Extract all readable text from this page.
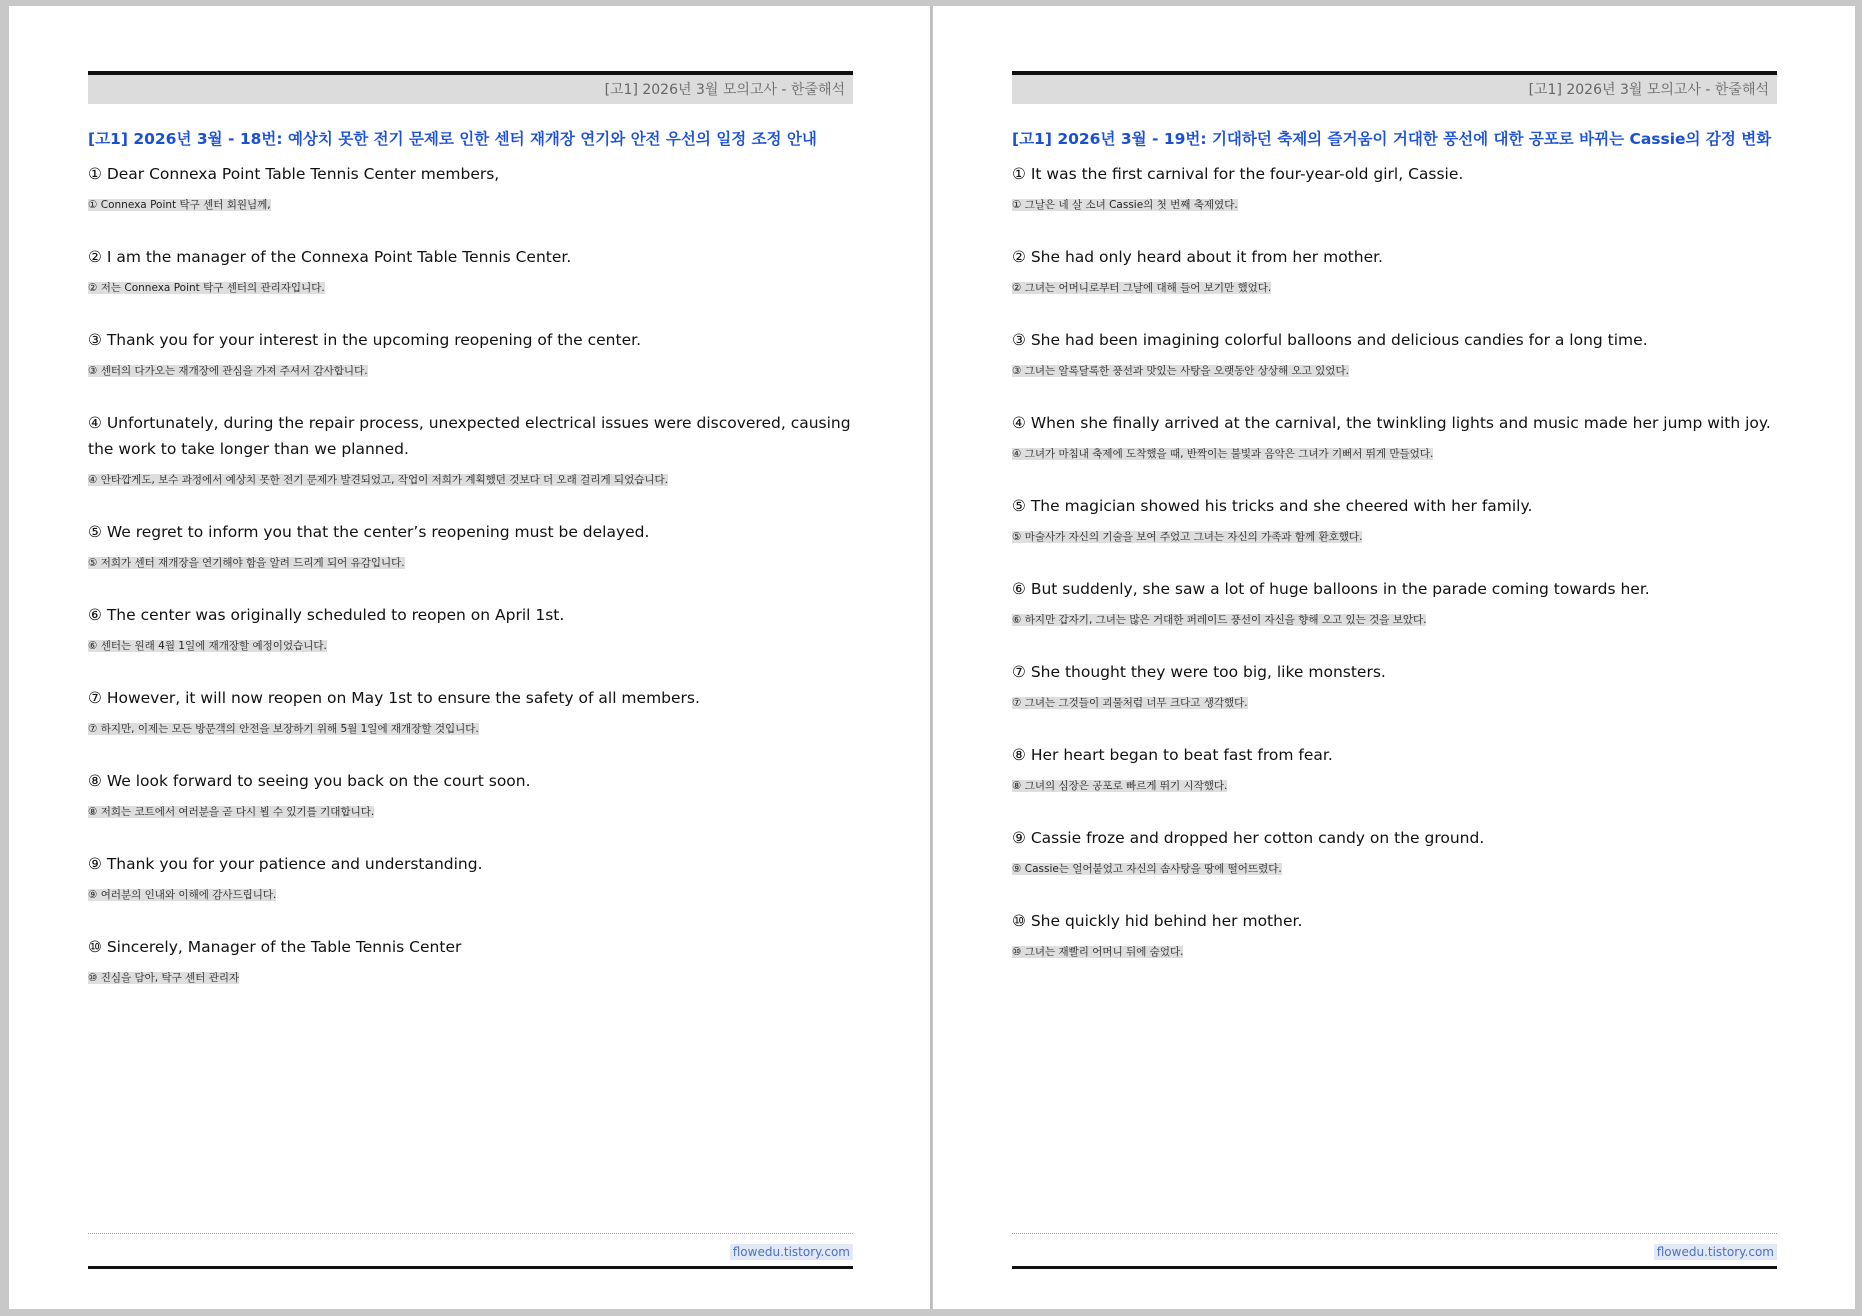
[고1] 2026년 3월 모의고사 - 한줄해석
[고1] 2026년 3월 - 18번: 예상치 못한 전기 문제로 인한 센터 재개장 연기와 안전 우선의 일정 조정 안내

① Dear Connexa Point Table Tennis Center members,

① Connexa Point 탁구 센터 회원님께,

② I am the manager of the Connexa Point Table Tennis Center.

② 저는 Connexa Point 탁구 센터의 관리자입니다.

③ Thank you for your interest in the upcoming reopening of the center.

③ 센터의 다가오는 재개장에 관심을 가져 주셔서 감사합니다.

④ Unfortunately, during the repair process, unexpected electrical issues were discovered, causing the work to take longer than we planned.

④ 안타깝게도, 보수 과정에서 예상치 못한 전기 문제가 발견되었고, 작업이 저희가 계획했던 것보다 더 오래 걸리게 되었습니다.

⑤ We regret to inform you that the center’s reopening must be delayed.

⑤ 저희가 센터 재개장을 연기해야 함을 알려 드리게 되어 유감입니다.

⑥ The center was originally scheduled to reopen on April 1st.

⑥ 센터는 원래 4월 1일에 재개장할 예정이었습니다.

⑦ However, it will now reopen on May 1st to ensure the safety of all members.

⑦ 하지만, 이제는 모든 방문객의 안전을 보장하기 위해 5월 1일에 재개장할 것입니다.

⑧ We look forward to seeing you back on the court soon.

⑧ 저희는 코트에서 여러분을 곧 다시 뵐 수 있기를 기대합니다.

⑨ Thank you for your patience and understanding.

⑨ 여러분의 인내와 이해에 감사드립니다.

⑩ Sincerely, Manager of the Table Tennis Center

⑩ 진심을 담아, 탁구 센터 관리자
flowedu.tistory.com
[고1] 2026년 3월 모의고사 - 한줄해석
[고1] 2026년 3월 - 19번: 기대하던 축제의 즐거움이 거대한 풍선에 대한 공포로 바뀌는 Cassie의 감정 변화

① It was the first carnival for the four-year-old girl, Cassie.

① 그날은 네 살 소녀 Cassie의 첫 번째 축제였다.

② She had only heard about it from her mother.

② 그녀는 어머니로부터 그날에 대해 들어 보기만 했었다.

③ She had been imagining colorful balloons and delicious candies for a long time.

③ 그녀는 알록달록한 풍선과 맛있는 사탕을 오랫동안 상상해 오고 있었다.

④ When she finally arrived at the carnival, the twinkling lights and music made her jump with joy.

④ 그녀가 마침내 축제에 도착했을 때, 반짝이는 불빛과 음악은 그녀가 기뻐서 뛰게 만들었다.

⑤ The magician showed his tricks and she cheered with her family.

⑤ 마술사가 자신의 기술을 보여 주었고 그녀는 자신의 가족과 함께 환호했다.

⑥ But suddenly, she saw a lot of huge balloons in the parade coming towards her.

⑥ 하지만 갑자기, 그녀는 많은 거대한 퍼레이드 풍선이 자신을 향해 오고 있는 것을 보았다.

⑦ She thought they were too big, like monsters.

⑦ 그녀는 그것들이 괴물처럼 너무 크다고 생각했다.

⑧ Her heart began to beat fast from fear.

⑧ 그녀의 심장은 공포로 빠르게 뛰기 시작했다.

⑨ Cassie froze and dropped her cotton candy on the ground.

⑨ Cassie는 얼어붙었고 자신의 솜사탕을 땅에 떨어뜨렸다.

⑩ She quickly hid behind her mother.

⑩ 그녀는 재빨리 어머니 뒤에 숨었다.
flowedu.tistory.com
